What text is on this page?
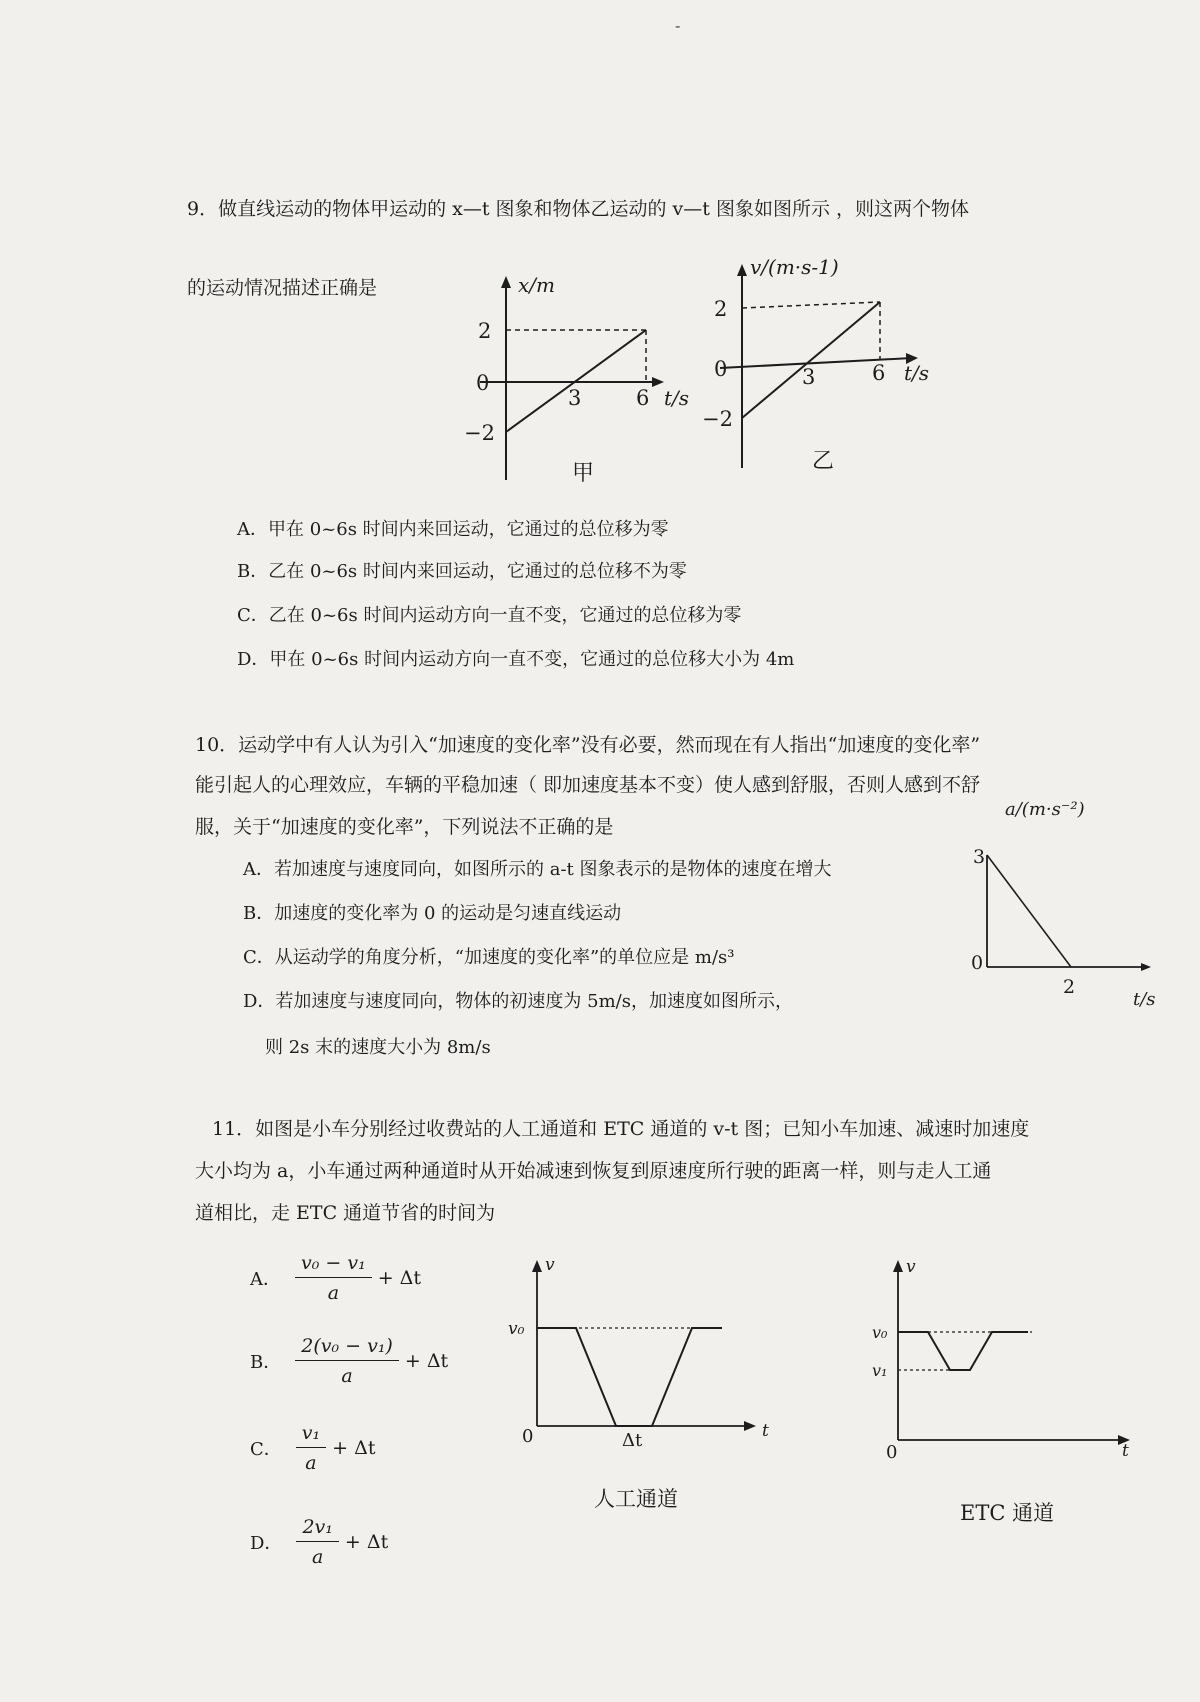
-
9．做直线运动的物体甲运动的 x—t 图象和物体乙运动的 v—t 图象如图所示 ，则这两个物体
的运动情况描述正确是	x/m
2
0
−2
3	6 t/s
甲
v/(m·s-1)
2
0
−2
3	6 t/s
乙
A．甲在 0~6s 时间内来回运动，它通过的总位移为零
B．乙在 0~6s 时间内来回运动，它通过的总位移不为零
C．乙在 0~6s 时间内运动方向一直不变，它通过的总位移为零
D．甲在 0~6s 时间内运动方向一直不变，它通过的总位移大小为 4m
10．运动学中有人认为引入“加速度的变化率”没有必要，然而现在有人指出“加速度的变化率”
能引起人的心理效应，车辆的平稳加速（ 即加速度基本不变）使人感到舒服，否则人感到不舒
服，关于“加速度的变化率”，下列说法不正确的是
A．若加速度与速度同向，如图所示的 a-t 图象表示的是物体的速度在增大
B．加速度的变化率为 0 的运动是匀速直线运动
C．从运动学的角度分析，“加速度的变化率”的单位应是 m/s³
D．若加速度与速度同向，物体的初速度为 5m/s，加速度如图所示，
则 2s 末的速度大小为 8m/s
a/(m·s⁻²)
3
0
2
t/s
11．如图是小车分别经过收费站的人工通道和 ETC 通道的 v-t 图；已知小车加速、减速时加速度
大小均为 a，小车通过两种通道时从开始减速到恢复到原速度所行驶的距离一样，则与走人工通
道相比，走 ETC 通道节省的时间为
A． $\frac{\text{v₀ − v₁}}{a} + \Delta t$
B． $\frac{\text{2(v₀ − v₁)}}{a} + \Delta t$
C． $\frac{\text{v₁}}{a} + \Delta t$
D． $\frac{\text{2v₁}}{a} + \Delta t$
v
v₀
0	Δt	t
人工通道
v
v₀
v₁
0	t
ETC 通道
